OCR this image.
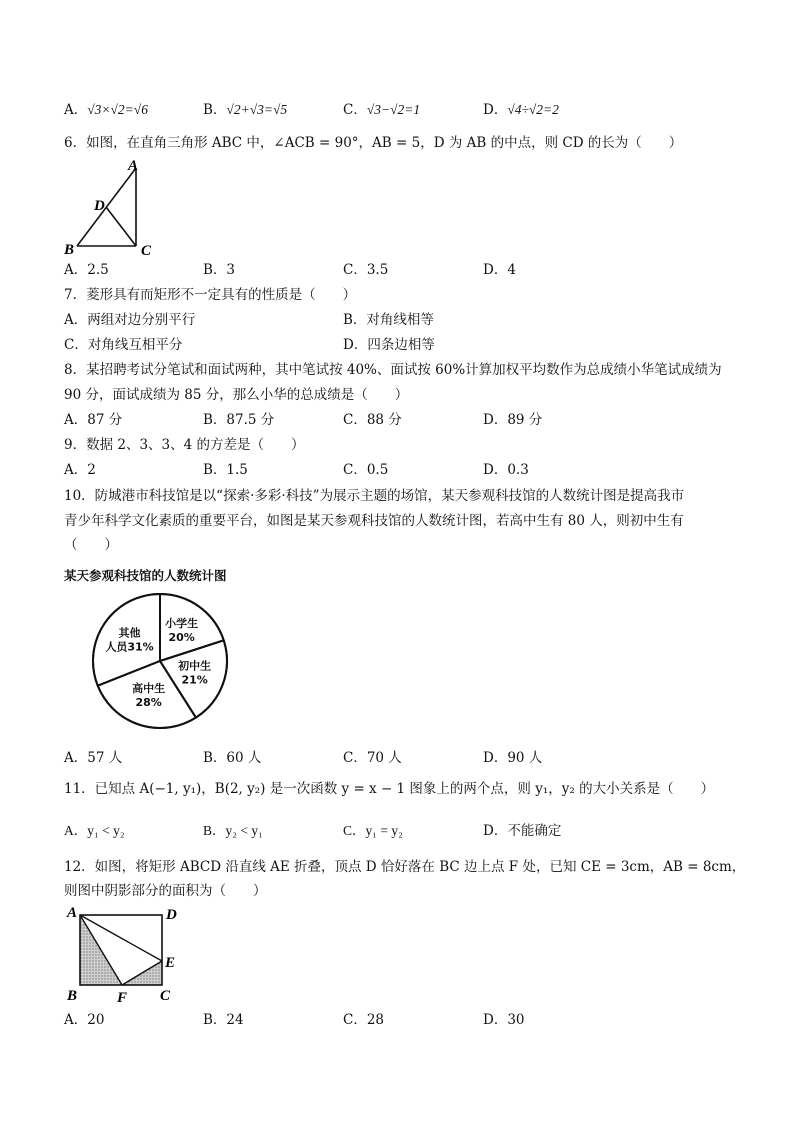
A．√3×√2=√6	B．√2+√3=√5	C．√3−√2=1	D．√4÷√2=2
6．如图，在直角三角形 ABC 中，∠ACB = 90°，AB = 5，D 为 AB 的中点，则 CD 的长为（　　）
A
D
B	C
A．2.5	B．3	C．3.5	D．4
7．菱形具有而矩形不一定具有的性质是（　　）
A．两组对边分别平行	B．对角线相等
C．对角线互相平分	D．四条边相等
8．某招聘考试分笔试和面试两种，其中笔试按 40%、面试按 60%计算加权平均数作为总成绩小华笔试成绩为
90 分，面试成绩为 85 分，那么小华的总成绩是（　　）
A．87 分	B．87.5 分	C．88 分	D．89 分
9．数据 2、3、3、4 的方差是（　　）
A．2	B．1.5	C．0.5	D．0.3
10．防城港市科技馆是以“探索·多彩·科技”为展示主题的场馆，某天参观科技馆的人数统计图是提高我市
青少年科学文化素质的重要平台，如图是某天参观科技馆的人数统计图，若高中生有 80 人，则初中生有
（　　）
某天参观科技馆的人数统计图
小学生
20%
初中生
21%
高中生
28%
其他
人员31%
A．57 人	B．60 人	C．70 人	D．90 人
11．已知点 A(−1, y₁)，B(2, y₂) 是一次函数 y = x − 1 图象上的两个点，则 y₁，y₂ 的大小关系是（　　）
A．y₁ < y₂	B．y₂ < y₁	C．y₁ = y₂	D．不能确定
12．如图，将矩形 ABCD 沿直线 AE 折叠，顶点 D 恰好落在 BC 边上点 F 处，已知 CE = 3cm，AB = 8cm，
则图中阴影部分的面积为（　　）
A	D
E
B	F C
A．20	B．24	C．28	D．30
